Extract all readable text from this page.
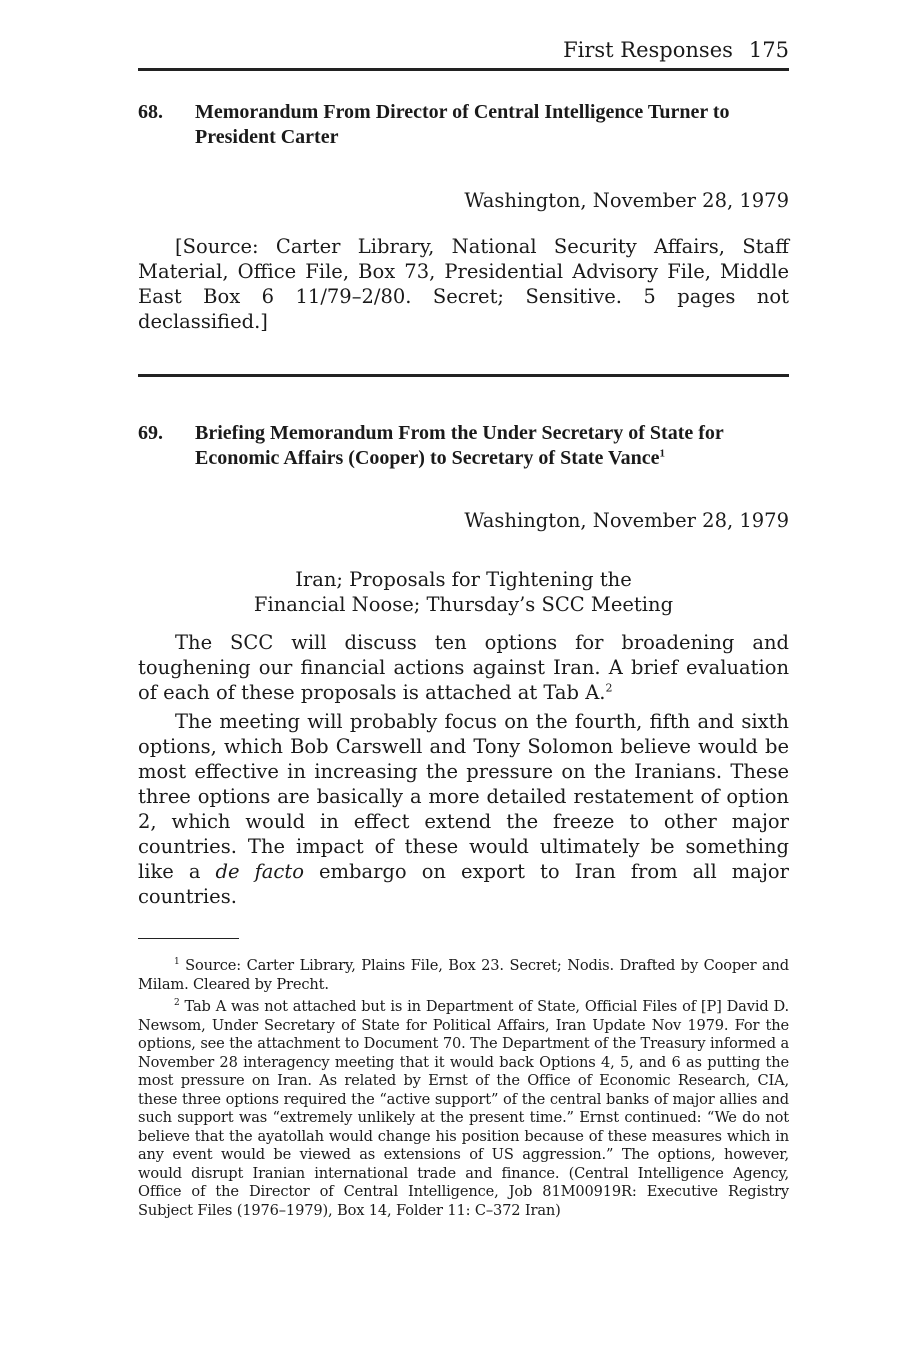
First Responses 175
68. Memorandum From Director of Central Intelligence Turner to President Carter
Washington, November 28, 1979

[Source: Carter Library, National Security Affairs, Staff Material, Office File, Box 73, Presidential Advisory File, Middle East Box 6 11/79–2/80. Secret; Sensitive. 5 pages not declassified.]

69. Briefing Memorandum From the Under Secretary of State for Economic Affairs (Cooper) to Secretary of State Vance$^1$
Washington, November 28, 1979
Iran; Proposals for Tightening the
Financial Noose; Thursday’s SCC Meeting

The SCC will discuss ten options for broadening and toughening our financial actions against Iran. A brief evaluation of each of these proposals is attached at Tab A.$^2$

The meeting will probably focus on the fourth, fifth and sixth options, which Bob Carswell and Tony Solomon believe would be most effective in increasing the pressure on the Iranians. These three options are basically a more detailed restatement of option 2, which would in effect extend the freeze to other major countries. The impact of these would ultimately be something like a de facto embargo on export to Iran from all major countries.

$^1$ Source: Carter Library, Plains File, Box 23. Secret; Nodis. Drafted by Cooper and Milam. Cleared by Precht.

$^2$ Tab A was not attached but is in Department of State, Official Files of [P] David D. Newsom, Under Secretary of State for Political Affairs, Iran Update Nov 1979. For the options, see the attachment to Document 70. The Department of the Treasury informed a November 28 interagency meeting that it would back Options 4, 5, and 6 as putting the most pressure on Iran. As related by Ernst of the Office of Economic Research, CIA, these three options required the “active support” of the central banks of major allies and such support was “extremely unlikely at the present time.” Ernst continued: “We do not believe that the ayatollah would change his position because of these measures which in any event would be viewed as extensions of US aggression.” The options, however, would disrupt Iranian international trade and finance. (Central Intelligence Agency, Office of the Director of Central Intelligence, Job 81M00919R: Executive Registry Subject Files (1976–1979), Box 14, Folder 11: C–372 Iran)
